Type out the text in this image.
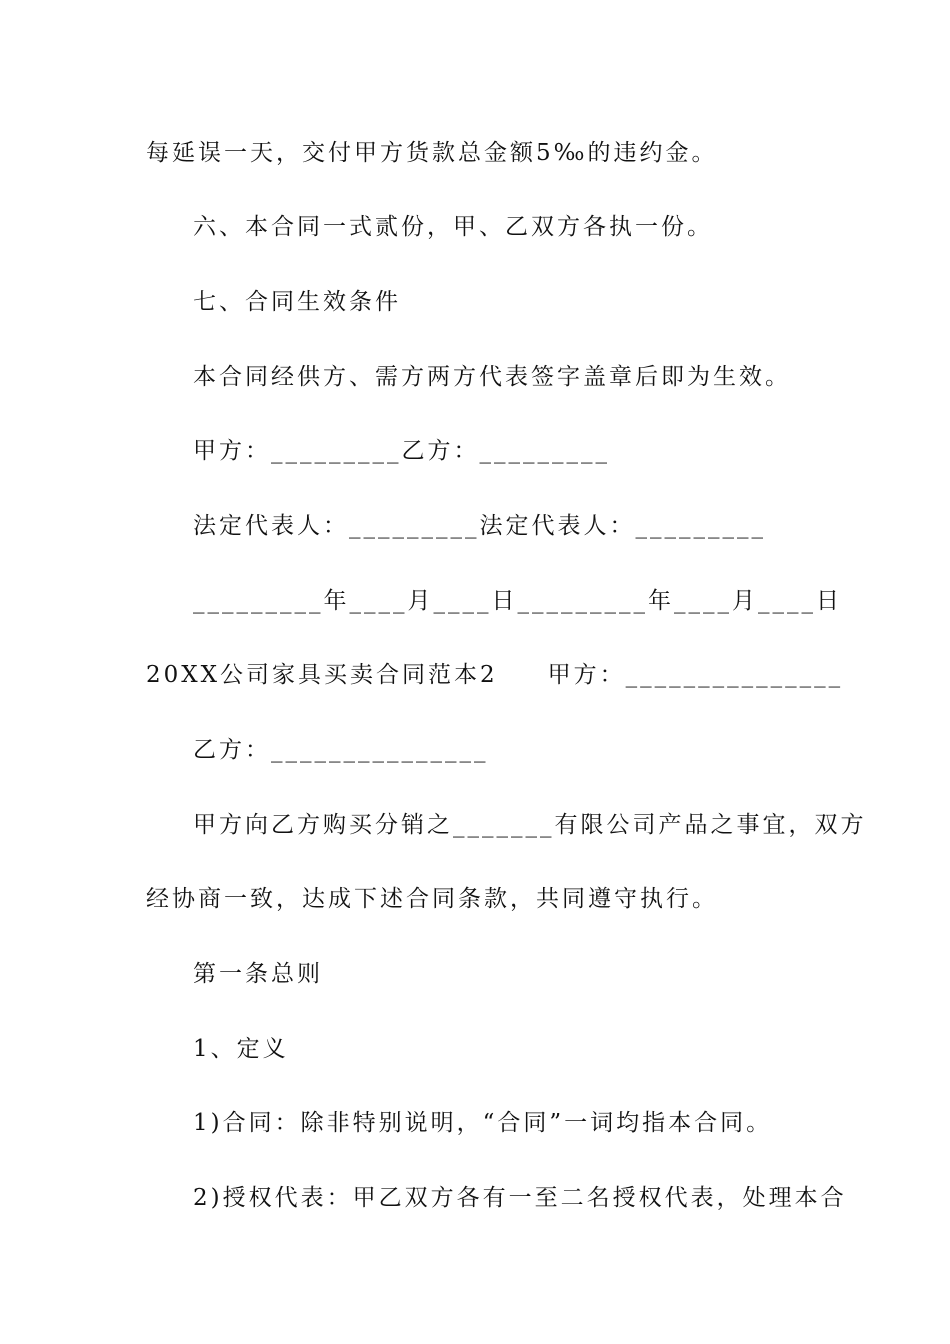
每延误一天，交付甲方货款总金额5‰的违约金。
六、本合同一式贰份，甲、乙双方各执一份。
七、合同生效条件
本合同经供方、需方两方代表签字盖章后即为生效。
甲方：_________乙方：_________
法定代表人：_________法定代表人：_________
_________年____月____日_________年____月____日
20XX公司家具买卖合同范本2 甲方：_______________
乙方：_______________
甲方向乙方购买分销之_______有限公司产品之事宜，双方
经协商一致，达成下述合同条款，共同遵守执行。
第一条总则
1、定义
1)合同：除非特别说明，“合同”一词均指本合同。
2)授权代表：甲乙双方各有一至二名授权代表，处理本合
